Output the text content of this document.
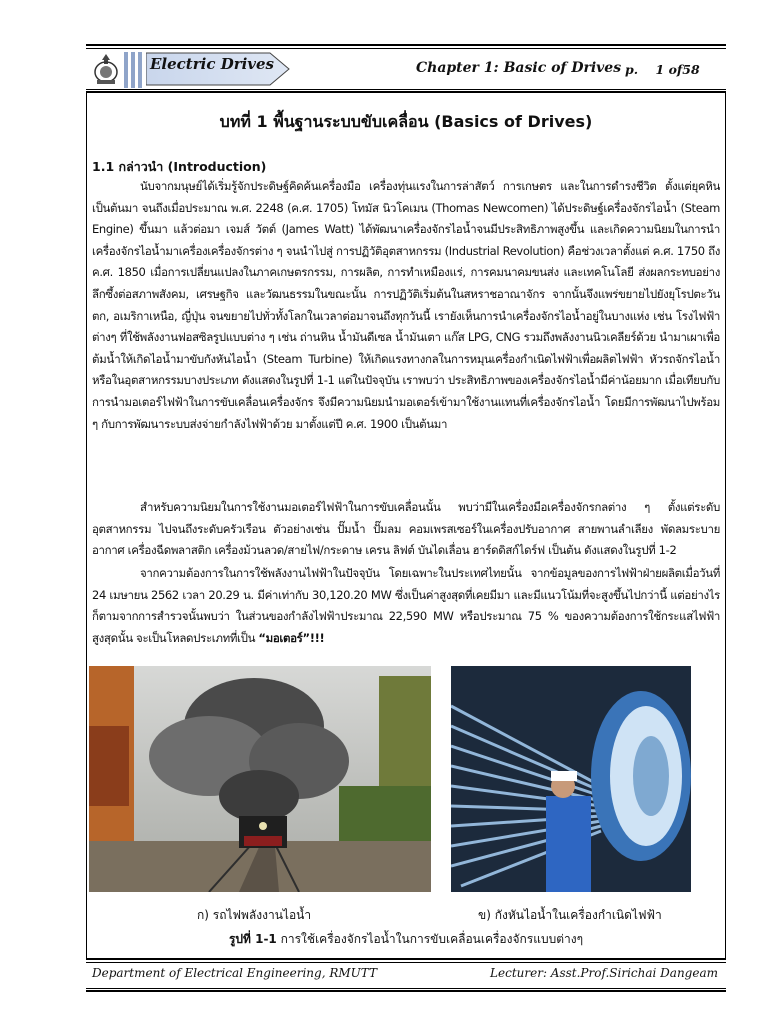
Electric Drives	Chapter 1: Basic of Drives p. 1 of58
บทที่ 1 พื้นฐานระบบขับเคลื่อน (Basics of Drives)
1.1 กล่าวนำ (Introduction)
นับจากมนุษย์ได้เริ่มรู้จักประดิษฐ์คิดค้นเครื่องมือ เครื่องทุ่นแรงในการล่าสัตว์ การเกษตร และในการดำรงชีวิต ตั้งแต่ยุคหินเป็นต้นมา จนถึงเมื่อประมาณ พ.ศ. 2248 (ค.ศ. 1705) โทมัส นิวโคเมน (Thomas Newcomen) ได้ประดิษฐ์เครื่องจักรไอน้ำ (Steam Engine) ขึ้นมา แล้วต่อมา เจมส์ วัตต์ (James Watt) ได้พัฒนาเครื่องจักรไอน้ำจนมีประสิทธิภาพสูงขึ้น และเกิดความนิยมในการนำเครื่องจักรไอน้ำมาเครื่องเครื่องจักรต่าง ๆ จนนำไปสู่ การปฏิวัติอุตสาหกรรม (Industrial Revolution) คือช่วงเวลาตั้งแต่ ค.ศ. 1750 ถึง ค.ศ. 1850 เมื่อการเปลี่ยนแปลงในภาคเกษตรกรรม, การผลิต, การทำเหมืองแร่, การคมนาคมขนส่ง และเทคโนโลยี ส่งผลกระทบอย่างลึกซึ้งต่อสภาพสังคม, เศรษฐกิจ และวัฒนธรรมในขณะนั้น การปฏิวัติเริ่มต้นในสหราชอาณาจักร จากนั้นจึงแพร่ขยายไปยังยุโรปตะวันตก, อเมริกาเหนือ, ญี่ปุ่น จนขยายไปทั่วทั้งโลกในเวลาต่อมาจนถึงทุกวันนี้ เรายังเห็นการนำเครื่องจักรไอน้ำอยู่ในบางแห่ง เช่น โรงไฟฟ้าต่างๆ ที่ใช้พลังงานฟอสซิลรูปแบบต่าง ๆ เช่น ถ่านหิน น้ำมันดีเซล น้ำมันเตา แก๊ส LPG, CNG รวมถึงพลังงานนิวเคลียร์ด้วย นำมาเผาเพื่อต้มน้ำให้เกิดไอน้ำมาขับกังหันไอน้ำ (Steam Turbine) ให้เกิดแรงทางกลในการหมุนเครื่องกำเนิดไฟฟ้าเพื่อผลิตไฟฟ้า หัวรถจักรไอน้ำ หรือในอุตสาหกรรมบางประเภท ดังแสดงในรูปที่ 1-1 แต่ในปัจจุบัน เราพบว่า ประสิทธิภาพของเครื่องจักรไอน้ำมีค่าน้อยมาก เมื่อเทียบกับการนำมอเตอร์ไฟฟ้าในการขับเคลื่อนเครื่องจักร จึงมีความนิยมนำมอเตอร์เข้ามาใช้งานแทนที่เครื่องจักรไอน้ำ โดยมีการพัฒนาไปพร้อม ๆ กับการพัฒนาระบบส่งจ่ายกำลังไฟฟ้าด้วย มาตั้งแต่ปี ค.ศ. 1900 เป็นต้นมา
สำหรับความนิยมในการใช้งานมอเตอร์ไฟฟ้าในการขับเคลื่อนนั้น พบว่ามีในเครื่องมือเครื่องจักรกลต่าง ๆ ตั้งแต่ระดับอุตสาหกรรม ไปจนถึงระดับครัวเรือน ตัวอย่างเช่น ปั๊มน้ำ ปั๊มลม คอมเพรสเซอร์ในเครื่องปรับอากาศ สายพานลำเลียง พัดลมระบายอากาศ เครื่องฉีดพลาสติก เครื่องม้วนลวด/สายไฟ/กระดาษ เครน ลิฟต์ บันไดเลื่อน ฮาร์ดดิสก์ไดร์ฟ เป็นต้น ดังแสดงในรูปที่ 1-2
จากความต้องการในการใช้พลังงานไฟฟ้าในปัจจุบัน โดยเฉพาะในประเทศไทยนั้น จากข้อมูลของการไฟฟ้าฝ่ายผลิตเมื่อวันที่ 24 เมษายน 2562 เวลา 20.29 น. มีค่าเท่ากับ 30,120.20 MW ซึ่งเป็นค่าสูงสุดที่เคยมีมา และมีแนวโน้มที่จะสูงขึ้นไปกว่านี้ แต่อย่างไรก็ตามจากการสำรวจนั้นพบว่า ในส่วนของกำลังไฟฟ้าประมาณ 22,590 MW หรือประมาณ 75 % ของความต้องการใช้กระแสไฟฟ้าสูงสุดนั้น จะเป็นโหลดประเภทที่เป็น “มอเตอร์”!!!
ก) รถไฟพลังงานไอน้ำ	ข) กังหันไอน้ำในเครื่องกำเนิดไฟฟ้า
รูปที่ 1-1 การใช้เครื่องจักรไอน้ำในการขับเคลื่อนเครื่องจักรแบบต่างๆ
Department of Electrical Engineering, RMUTT	Lecturer: Asst.Prof.Sirichai Dangeam
